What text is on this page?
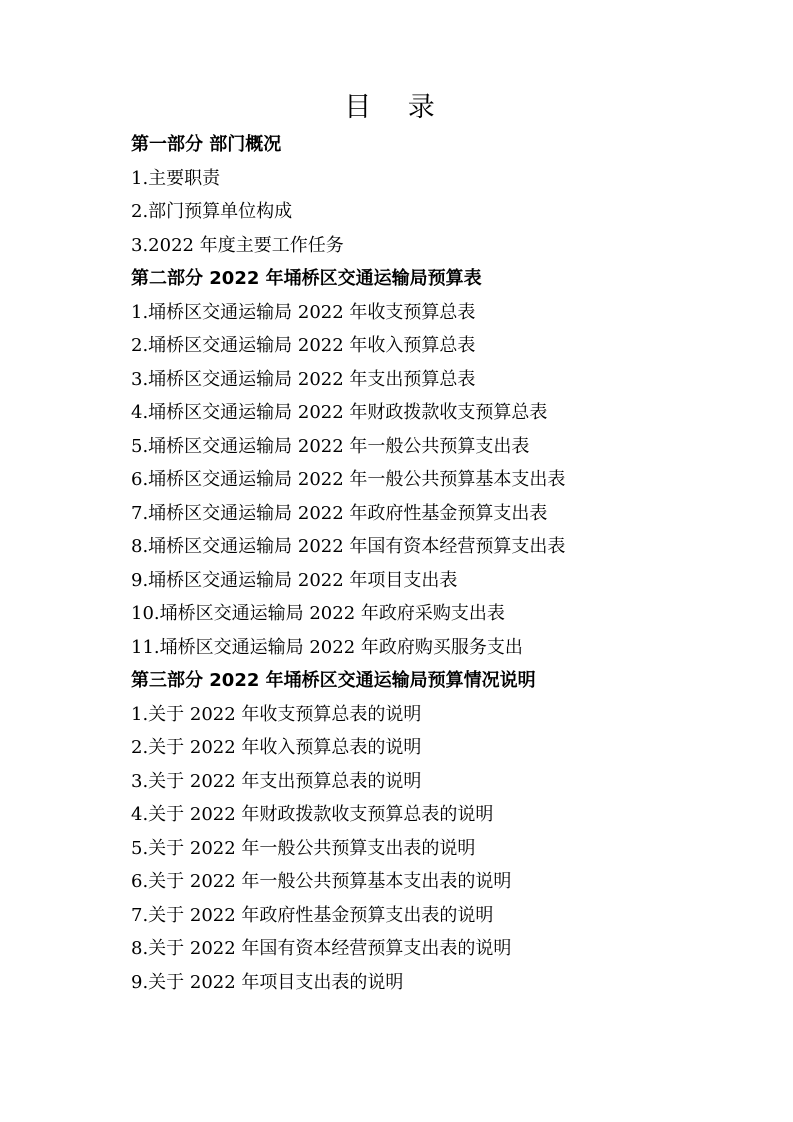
目 录
第一部分 部门概况
1.主要职责
2.部门预算单位构成
3.2022 年度主要工作任务
第二部分 2022 年埇桥区交通运输局预算表
1.埇桥区交通运输局 2022 年收支预算总表
2.埇桥区交通运输局 2022 年收入预算总表
3.埇桥区交通运输局 2022 年支出预算总表
4.埇桥区交通运输局 2022 年财政拨款收支预算总表
5.埇桥区交通运输局 2022 年一般公共预算支出表
6.埇桥区交通运输局 2022 年一般公共预算基本支出表
7.埇桥区交通运输局 2022 年政府性基金预算支出表
8.埇桥区交通运输局 2022 年国有资本经营预算支出表
9.埇桥区交通运输局 2022 年项目支出表
10.埇桥区交通运输局 2022 年政府采购支出表
11.埇桥区交通运输局 2022 年政府购买服务支出
第三部分 2022 年埇桥区交通运输局预算情况说明
1.关于 2022 年收支预算总表的说明
2.关于 2022 年收入预算总表的说明
3.关于 2022 年支出预算总表的说明
4.关于 2022 年财政拨款收支预算总表的说明
5.关于 2022 年一般公共预算支出表的说明
6.关于 2022 年一般公共预算基本支出表的说明
7.关于 2022 年政府性基金预算支出表的说明
8.关于 2022 年国有资本经营预算支出表的说明
9.关于 2022 年项目支出表的说明
